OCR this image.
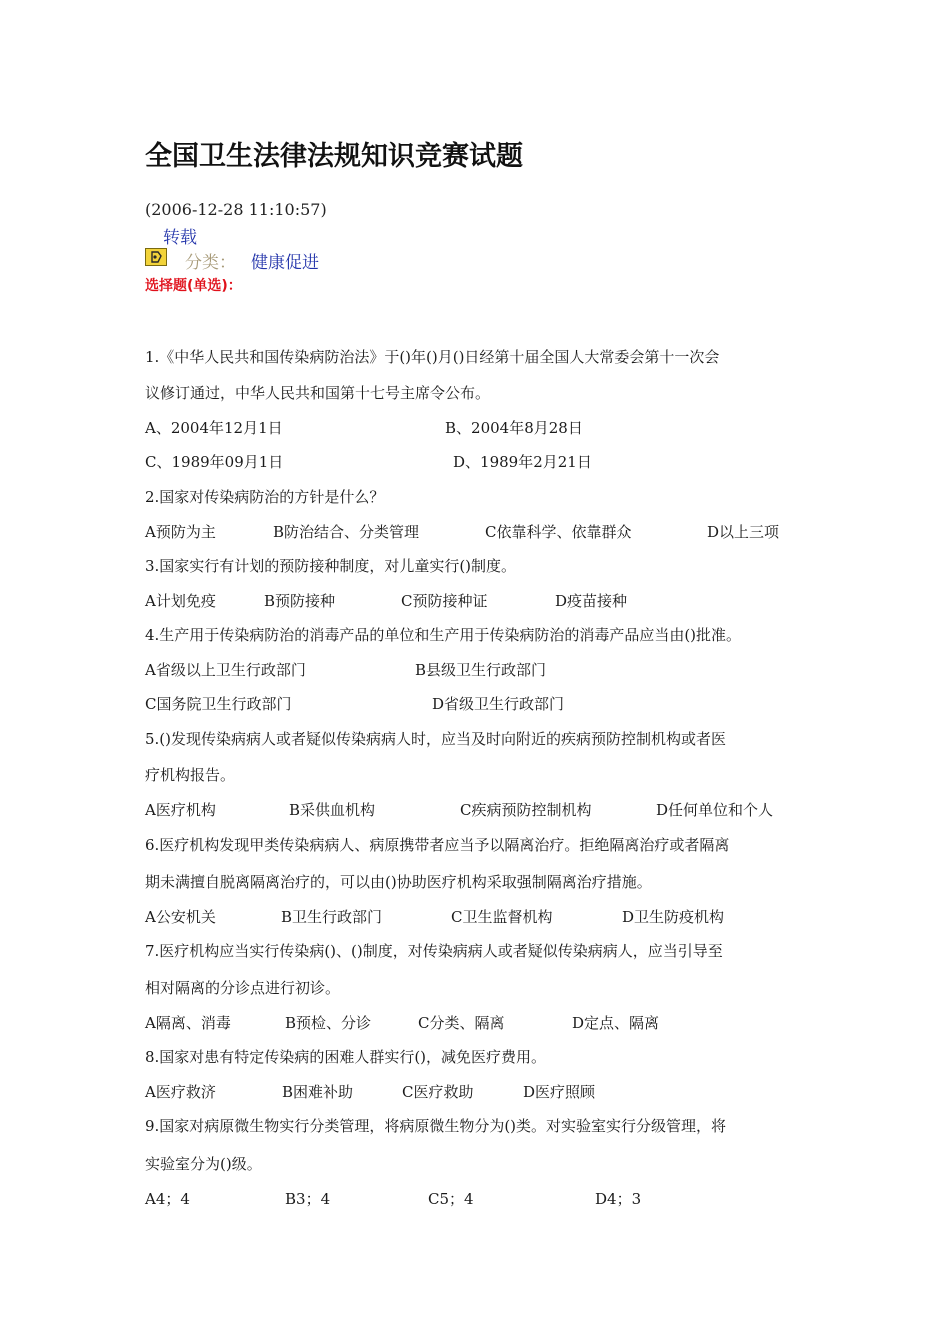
全国卫生法律法规知识竞赛试题
(2006-12-28 11:10:57)
转载
分类： 健康促进
选择题(单选)：
1.《中华人民共和国传染病防治法》于()年()月()日经第十届全国人大常委会第十一次会
议修订通过，中华人民共和国第十七号主席令公布。
A、2004年12月1日	B、2004年8月28日
C、1989年09月1日	D、1989年2月21日
2.国家对传染病防治的方针是什么？
A预防为主	B防治结合、分类管理	C依靠科学、依靠群众	D以上三项
3.国家实行有计划的预防接种制度，对儿童实行()制度。
A计划免疫	B预防接种	C预防接种证	D疫苗接种
4.生产用于传染病防治的消毒产品的单位和生产用于传染病防治的消毒产品应当由()批准。
A省级以上卫生行政部门	B县级卫生行政部门
C国务院卫生行政部门	D省级卫生行政部门
5.()发现传染病病人或者疑似传染病病人时，应当及时向附近的疾病预防控制机构或者医
疗机构报告。
A医疗机构	B采供血机构	C疾病预防控制机构	D任何单位和个人
6.医疗机构发现甲类传染病病人、病原携带者应当予以隔离治疗。拒绝隔离治疗或者隔离
期未满擅自脱离隔离治疗的，可以由()协助医疗机构采取强制隔离治疗措施。
A公安机关	B卫生行政部门	C卫生监督机构	D卫生防疫机构
7.医疗机构应当实行传染病()、()制度，对传染病病人或者疑似传染病病人，应当引导至
相对隔离的分诊点进行初诊。
A隔离、消毒	B预检、分诊	C分类、隔离	D定点、隔离
8.国家对患有特定传染病的困难人群实行()，减免医疗费用。
A医疗救济	B困难补助	C医疗救助	D医疗照顾
9.国家对病原微生物实行分类管理，将病原微生物分为()类。对实验室实行分级管理，将
实验室分为()级。
A4；4	B3；4	C5；4	D4；3
